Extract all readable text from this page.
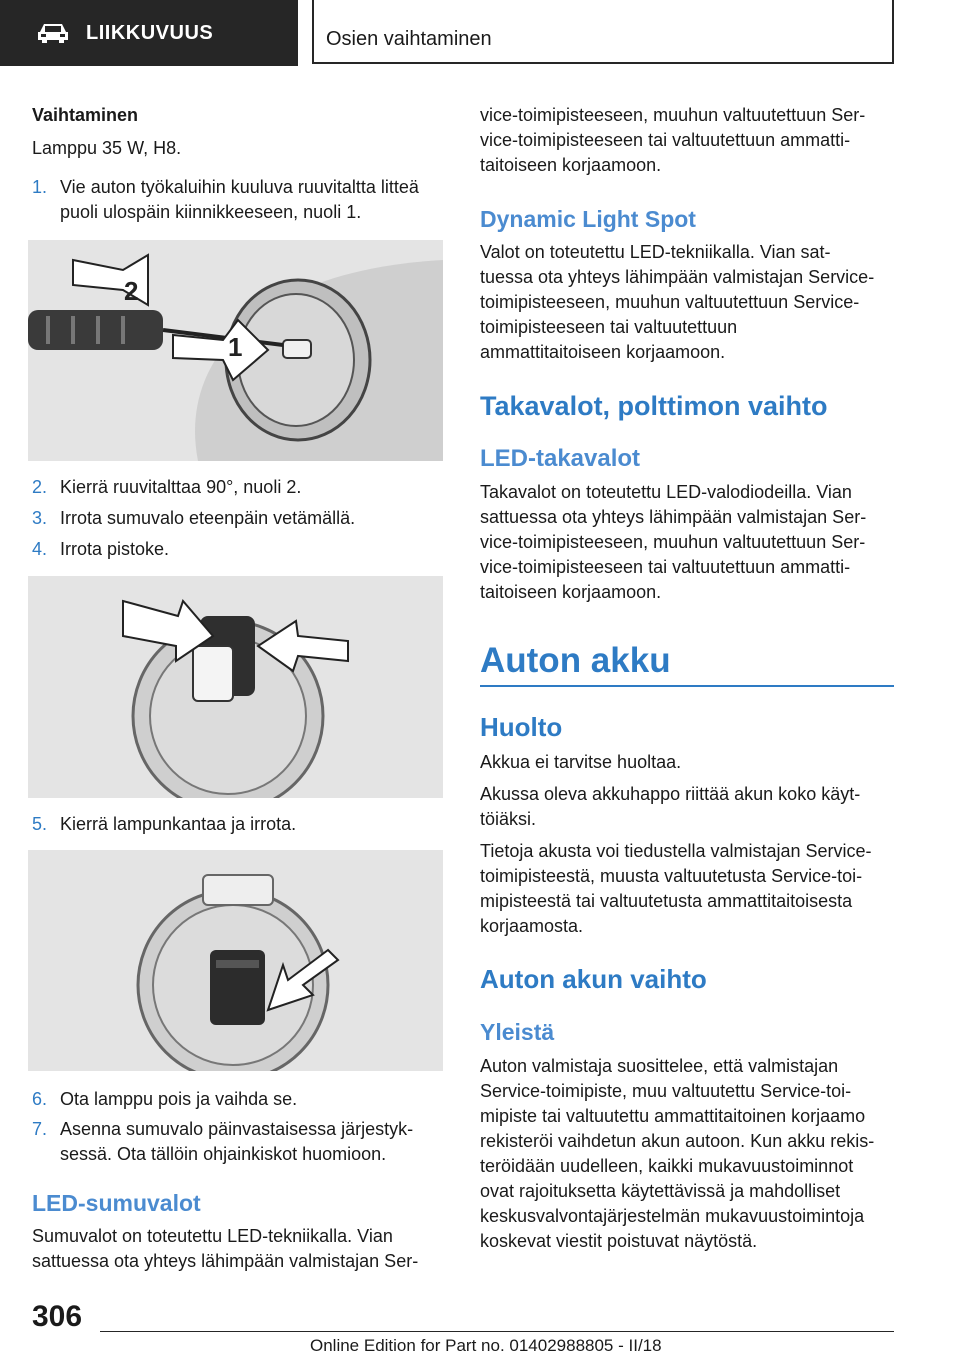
LIIKKUVUUS	Osien vaihtaminen

Vaihtaminen

Lamppu 35 W, H8.

1. Vie auton työkaluihin kuuluva ruuvitaltta litteä
puoli ulospäin kiinnikkeeseen, nuoli 1.
2
1
2. Kierrä ruuvitalttaa 90°, nuoli 2.
3. Irrota sumuvalo eteenpäin vetämällä.
4. Irrota pistoke.
5. Kierrä lampunkantaa ja irrota.
6. Ota lamppu pois ja vaihda se.
7. Asenna sumuvalo päinvastaisessa järjestyk-
sessä. Ota tällöin ohjainkiskot huomioon.

LED-sumuvalot

Sumuvalot on toteutettu LED-tekniikalla. Vian

sattuessa ota yhteys lähimpään valmistajan Ser-

vice-toimipisteeseen, muuhun valtuutettuun Ser-

vice-toimipisteeseen tai valtuutettuun ammatti-

taitoiseen korjaamoon.

Dynamic Light Spot

Valot on toteutettu LED-tekniikalla. Vian sat-

tuessa ota yhteys lähimpään valmistajan Service-

toimipisteeseen, muuhun valtuutettuun Service-

toimipisteeseen tai valtuutettuun

ammattitaitoiseen korjaamoon.

Takavalot, polttimon vaihto

LED-takavalot

Takavalot on toteutettu LED-valodiodeilla. Vian

sattuessa ota yhteys lähimpään valmistajan Ser-

vice-toimipisteeseen, muuhun valtuutettuun Ser-

vice-toimipisteeseen tai valtuutettuun ammatti-

taitoiseen korjaamoon.

Auton akku

Huolto

Akkua ei tarvitse huoltaa.

Akussa oleva akkuhappo riittää akun koko käyt-

töiäksi.

Tietoja akusta voi tiedustella valmistajan Service-

toimipisteestä, muusta valtuutetusta Service-toi-

mipisteestä tai valtuutetusta ammattitaitoisesta

korjaamosta.

Auton akun vaihto

Yleistä

Auton valmistaja suosittelee, että valmistajan

Service-toimipiste, muu valtuutettu Service-toi-

mipiste tai valtuutettu ammattitaitoinen korjaamo

rekisteröi vaihdetun akun autoon. Kun akku rekis-

teröidään uudelleen, kaikki mukavuustoiminnot

ovat rajoituksetta käytettävissä ja mahdolliset

keskusvalvontajärjestelmän mukavuustoimintoja

koskevat viestit poistuvat näytöstä.

306
Online Edition for Part no. 01402988805 - II/18
